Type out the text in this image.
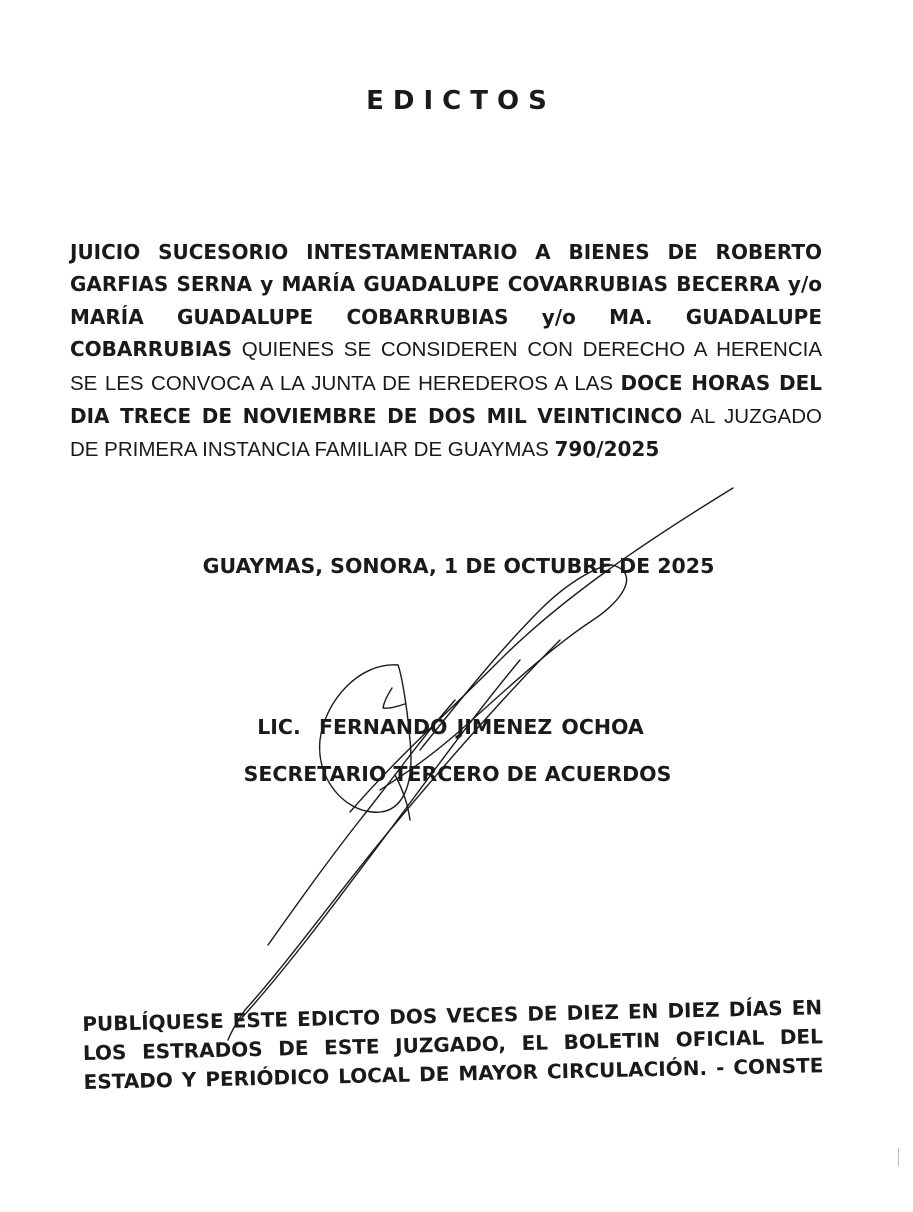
EDICTOS

JUICIO SUCESORIO INTESTAMENTARIO A BIENES DE ROBERTO GARFIAS SERNA y MARÍA GUADALUPE COVARRUBIAS BECERRA y/o MARÍA GUADALUPE COBARRUBIAS y/o MA. GUADALUPE COBARRUBIAS QUIENES SE CONSIDEREN CON DERECHO A HERENCIA SE LES CONVOCA A LA JUNTA DE HEREDEROS A LAS DOCE HORAS DEL DIA TRECE DE NOVIEMBRE DE DOS MIL VEINTICINCO AL JUZGADO DE PRIMERA INSTANCIA FAMILIAR DE GUAYMAS 790/2025

GUAYMAS, SONORA, 1 DE OCTUBRE DE 2025
LIC.  FERNANDO JIMENEZ OCHOA
SECRETARIO TERCERO DE ACUERDOS
PUBLÍQUESE ESTE EDICTO DOS VECES DE DIEZ EN DIEZ DÍAS EN
LOS ESTRADOS DE ESTE JUZGADO, EL BOLETIN OFICIAL DEL
ESTADO Y PERIÓDICO LOCAL DE MAYOR CIRCULACIÓN. - CONSTE
